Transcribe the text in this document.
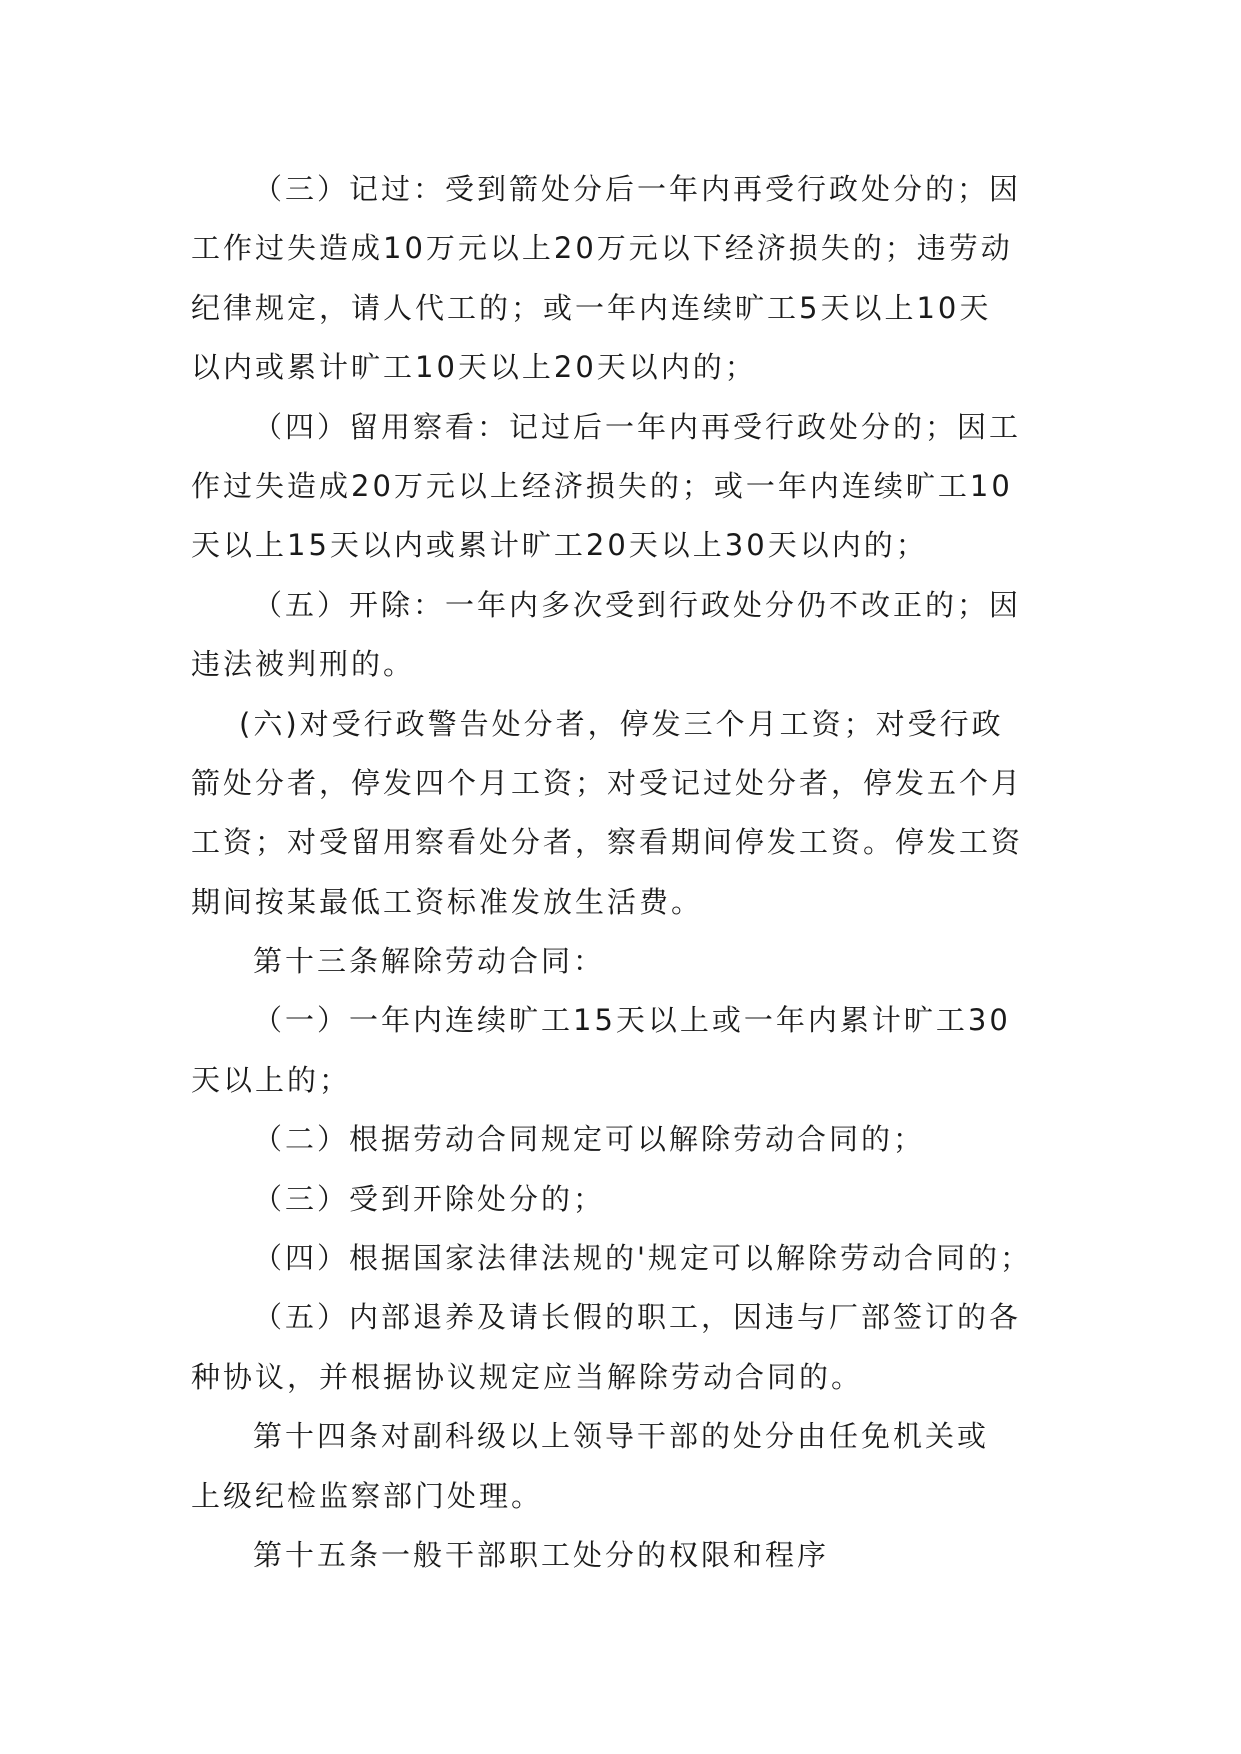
（三）记过：受到箭处分后一年内再受行政处分的；因
工作过失造成10万元以上20万元以下经济损失的；违劳动
纪律规定，请人代工的；或一年内连续旷工5天以上10天
以内或累计旷工10天以上20天以内的；
（四）留用察看：记过后一年内再受行政处分的；因工
作过失造成20万元以上经济损失的；或一年内连续旷工10
天以上15天以内或累计旷工20天以上30天以内的；
（五）开除：一年内多次受到行政处分仍不改正的；因
违法被判刑的。
(六)对受行政警告处分者，停发三个月工资；对受行政
箭处分者，停发四个月工资；对受记过处分者，停发五个月
工资；对受留用察看处分者，察看期间停发工资。停发工资
期间按某最低工资标准发放生活费。
第十三条解除劳动合同：
（一）一年内连续旷工15天以上或一年内累计旷工30
天以上的；
（二）根据劳动合同规定可以解除劳动合同的；
（三）受到开除处分的；
（四）根据国家法律法规的'规定可以解除劳动合同的；
（五）内部退养及请长假的职工，因违与厂部签订的各
种协议，并根据协议规定应当解除劳动合同的。
第十四条对副科级以上领导干部的处分由任免机关或
上级纪检监察部门处理。
第十五条一般干部职工处分的权限和程序
